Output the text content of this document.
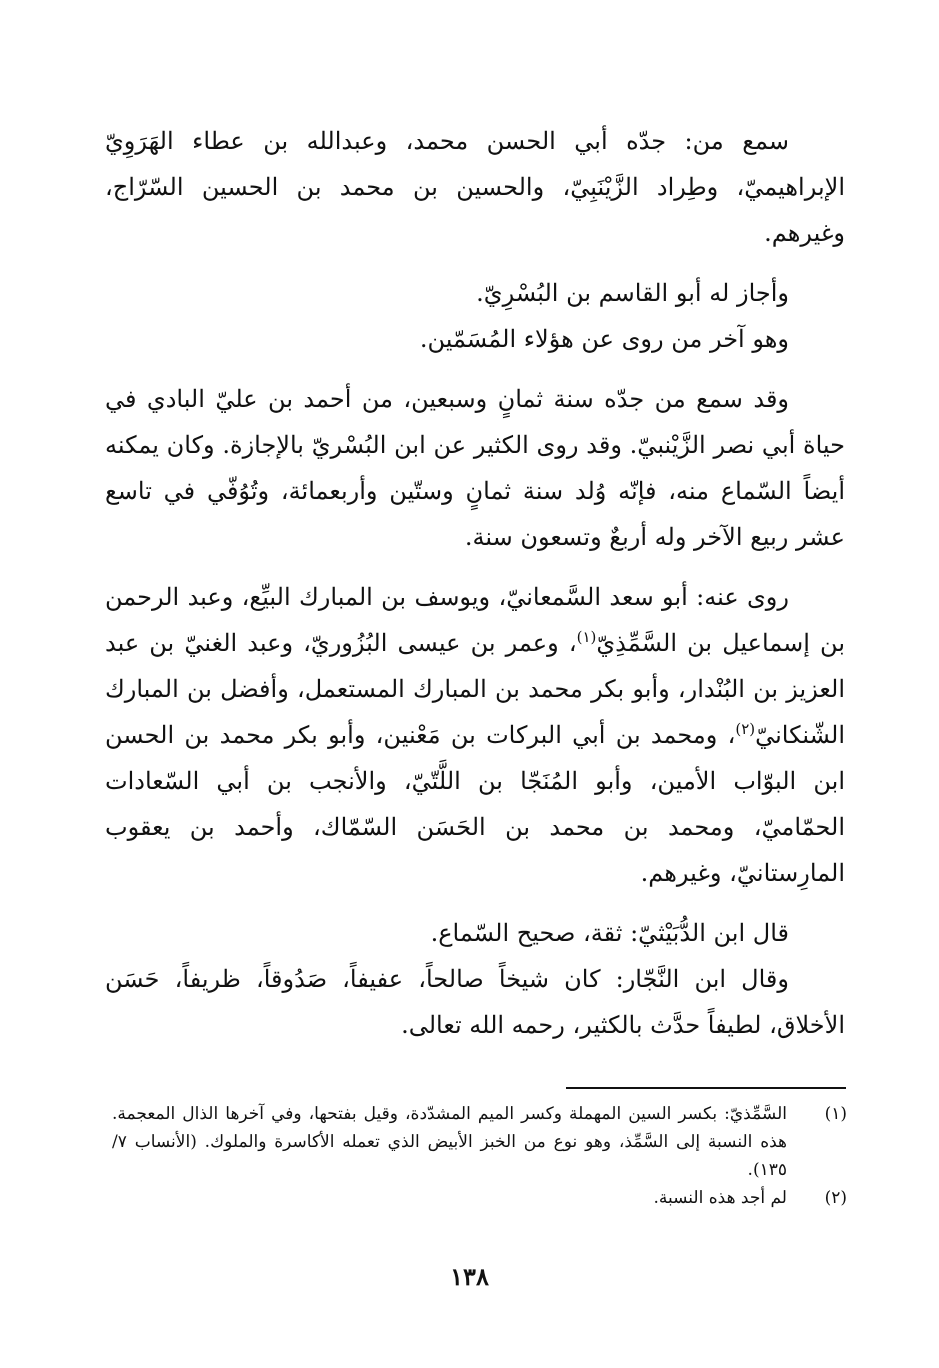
سمع من: جدّه أبي الحسن محمد، وعبدالله بن عطاء الهَرَوِيّ الإبراهيميّ، وطِراد الزَّيْنَبِيّ، والحسين بن محمد بن الحسين السّرّاج، وغيرهم.

وأجاز له أبو القاسم بن البُسْرِيّ.

وهو آخر من روى عن هؤلاء المُسَمّين.

وقد سمع من جدّه سنة ثمانٍ وسبعين، من أحمد بن عليّ البادي في حياة أبي نصر الزَّيْنبيّ. وقد روى الكثير عن ابن البُسْريّ بالإجازة. وكان يمكنه أيضاً السّماع منه، فإنّه وُلد سنة ثمانٍ وستّين وأربعمائة، وتُوُفّي في تاسع عشر ربيع الآخر وله أربعٌ وتسعون سنة.

روى عنه: أبو سعد السَّمعانيّ، ويوسف بن المبارك البيِّع، وعبد الرحمن بن إسماعيل بن السَّمِّذِيّ$^{(١)}$، وعمر بن عيسى البُزُوريّ، وعبد الغنيّ بن عبد العزيز بن البُنْدار، وأبو بكر محمد بن المبارك المستعمل، وأفضل بن المبارك الشّنكانيّ$^{(٢)}$، ومحمد بن أبي البركات بن مَعْنين، وأبو بكر محمد بن الحسن ابن البوّاب الأمين، وأبو المُنَجّا بن اللَّتّيّ، والأنجب بن أبي السّعادات الحمّاميّ، ومحمد بن محمد بن الحَسَن السّمّاك، وأحمد بن يعقوب المارِستانيّ، وغيرهم.

قال ابن الدُّبَيْثيّ: ثقة، صحيح السّماع.

وقال ابن النَّجّار: كان شيخاً صالحاً، عفيفاً، صَدُوقاً، ظريفاً، حَسَن الأخلاق، لطيفاً حدَّث بالكثير، رحمه الله تعالى.

(١)
السَّمِّذيّ: بكسر السين المهملة وكسر الميم المشدّدة، وقيل بفتحها، وفي آخرها الذال المعجمة. هذه النسبة إلى السَّمِّذ، وهو نوع من الخبز الأبيض الذي تعمله الأكاسرة والملوك. (الأنساب ٧/ ١٣٥).
(٢)
لم أجد هذه النسبة.
١٣٨
